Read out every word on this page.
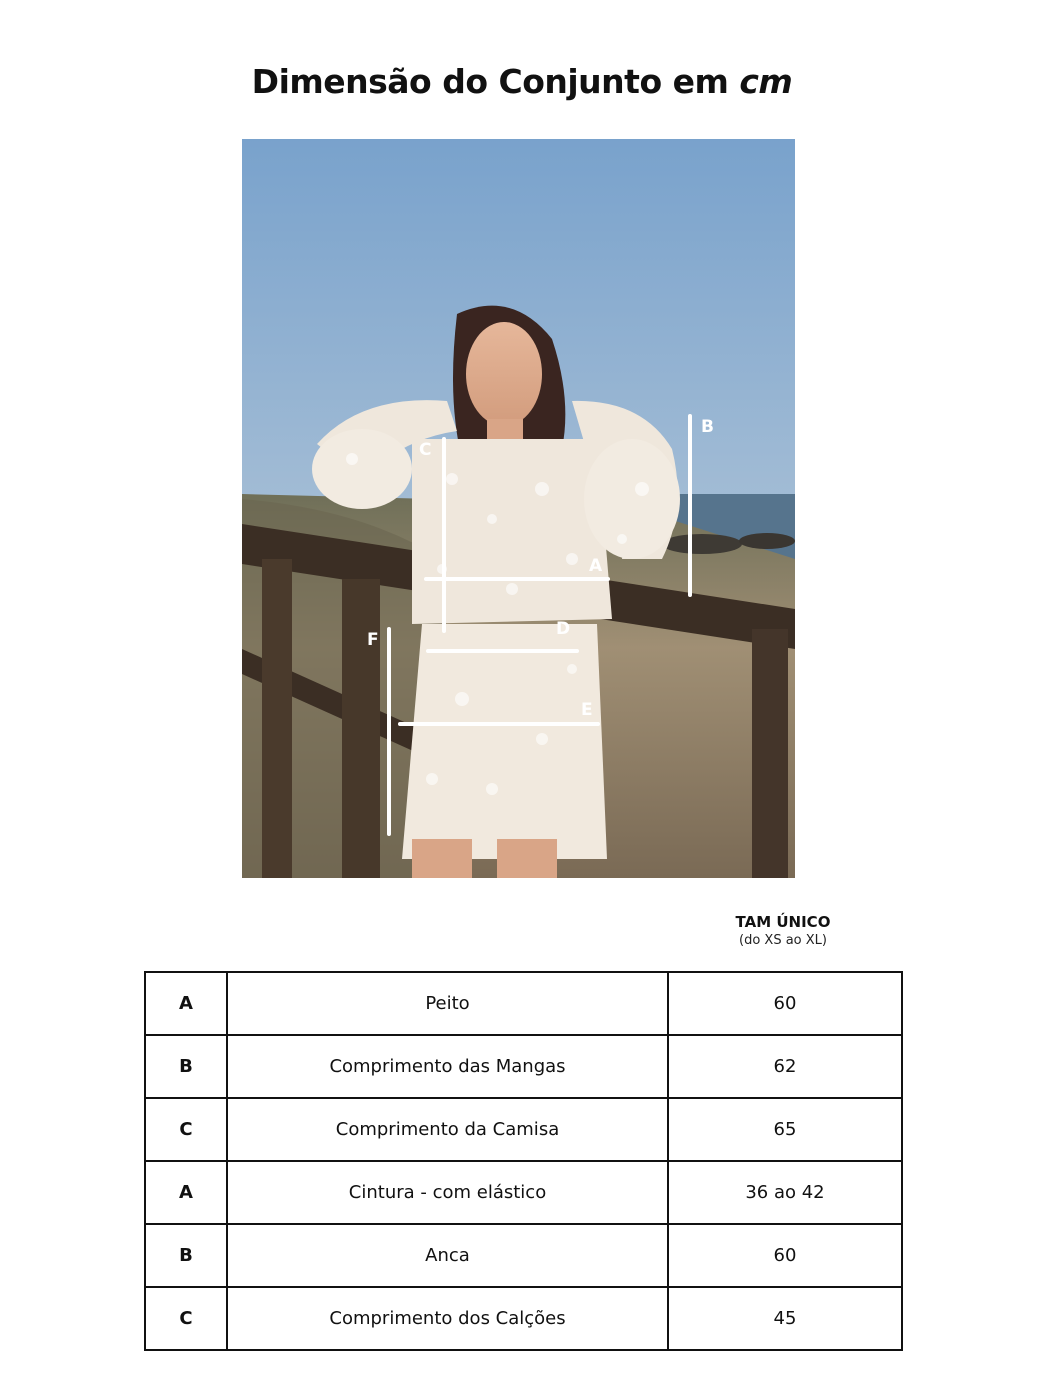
Dimensão do Conjunto em cm
B
C
A
D
E
F
TAM ÚNICO
(do XS ao XL)
A	Peito	60
B	Comprimento das Mangas	62
C	Comprimento da Camisa	65
A	Cintura - com elástico	36 ao 42
B	Anca	60
C	Comprimento dos Calções	45
